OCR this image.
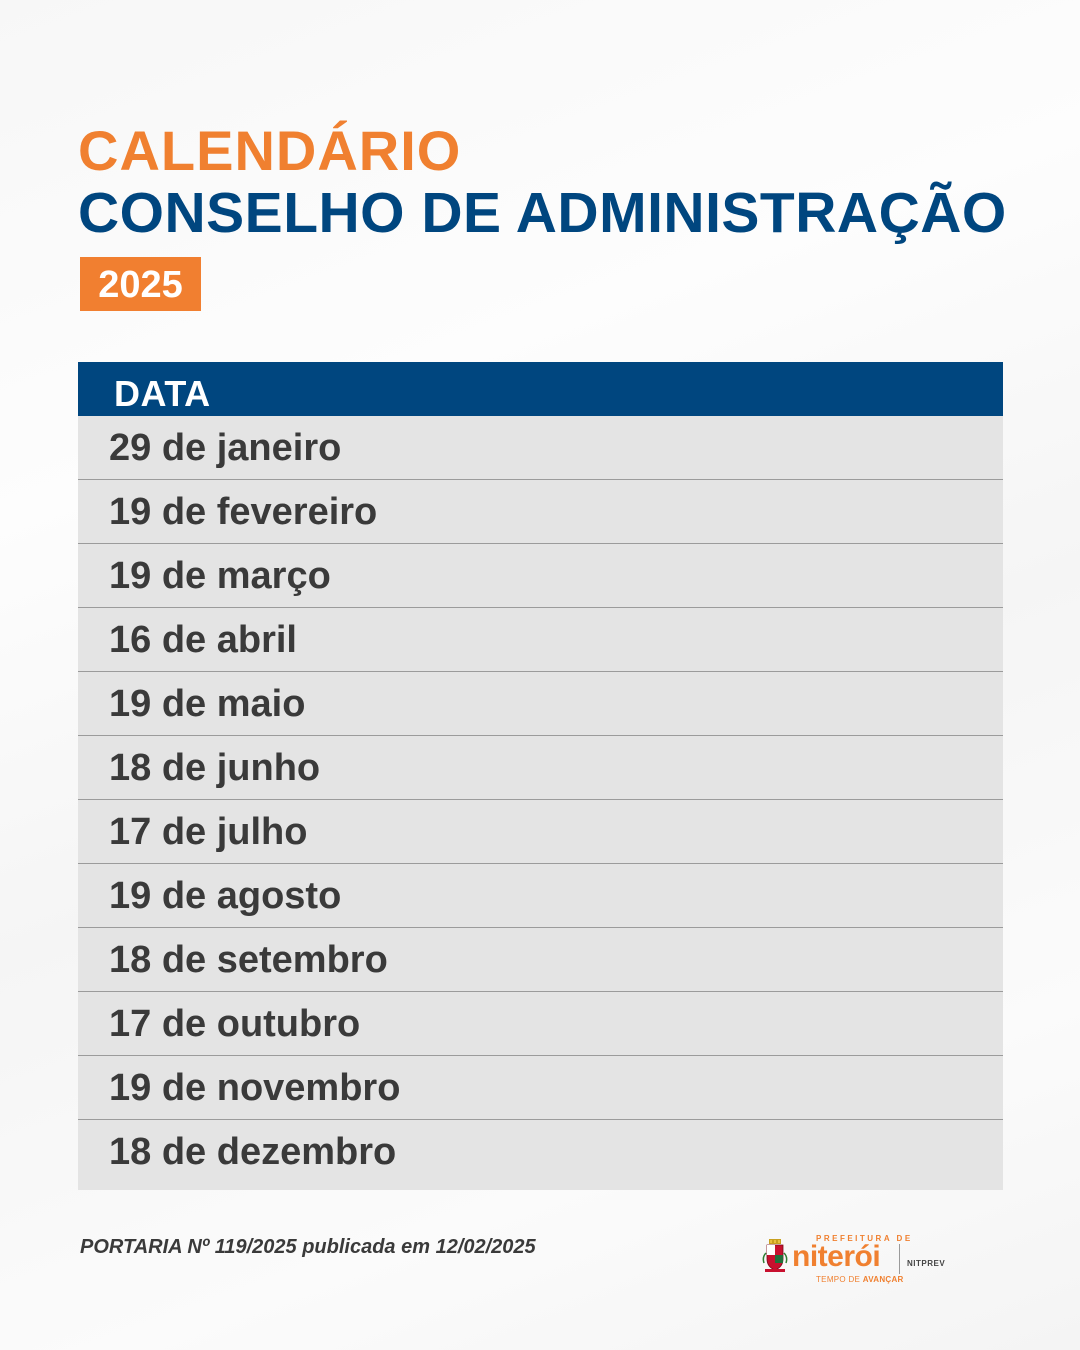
CALENDÁRIO
CONSELHO DE ADMINISTRAÇÃO
2025
DATA
29 de janeiro
19 de fevereiro
19 de março
16 de abril
19 de maio
18 de junho
17 de julho
19 de agosto
18 de setembro
17 de outubro
19 de novembro
18 de dezembro
PORTARIA Nº 119/2025 publicada em 12/02/2025	PREFEITURA DE
niterói
TEMPO DE AVANÇAR
NITPREV
